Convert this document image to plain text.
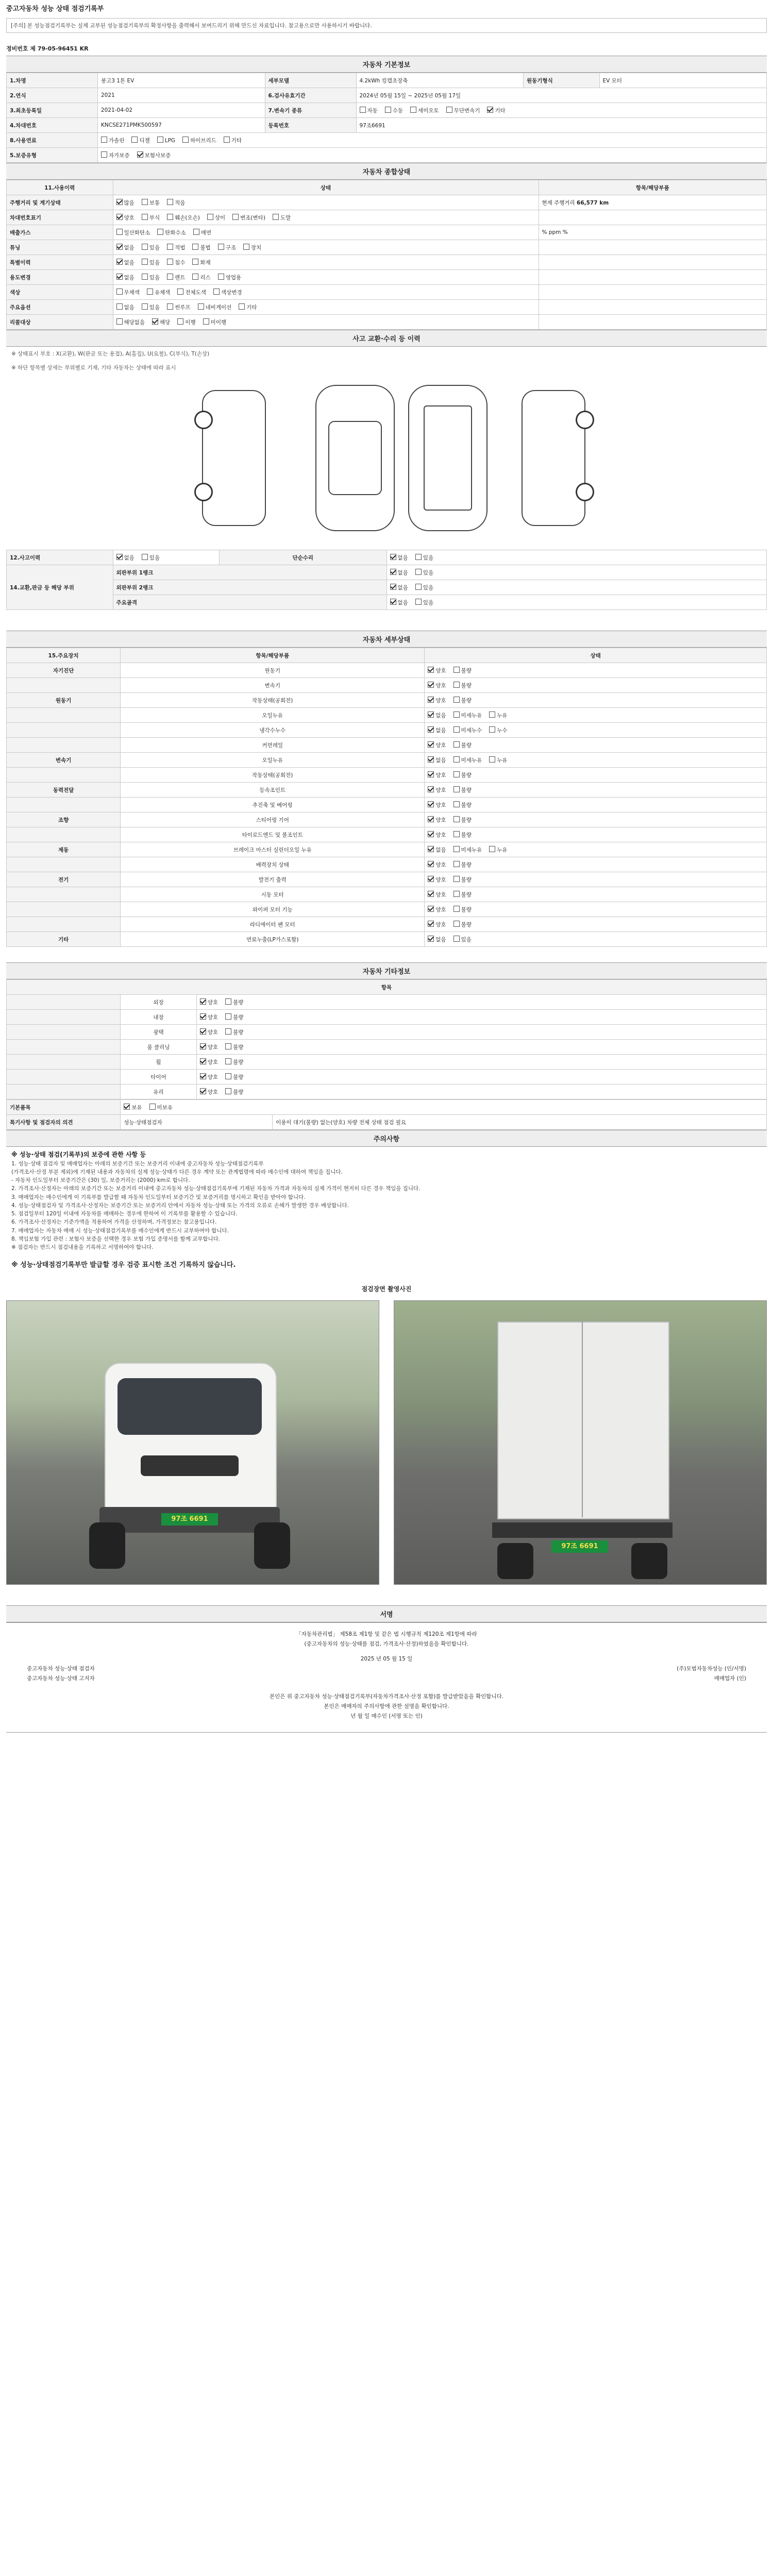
중고자동차 성능 상태 점검기록부
[주의] 본 성능점검기록부는 실제 교부된 성능점검기록부의 확정사항을 출력해서 보여드리기 위해 만드신 자료입니다. 참고용으로만 사용하시기 바랍니다.
정비번호 제 79-05-96451 KR
자동차 기본정보
1.차명	봉고3 1톤 EV	세부모델	4.2kWh 킹캡초장축	원동기형식	EV 모터
2.연식	2021	6.검사유효기간	2024년 05월 15일 ~ 2025년 05월 17일		
3.최초등록일	2021-04-02	7.변속기 종류	자동 수동 세미오토 무단변속기 기타		
4.차대번호	KNCSE271PMK500597	등록번호	97조6691		
8.사용연료	가솔린 디젤 LPG 하이브리드 기타				
5.보증유형	자가보증 보험사보증				
자동차 종합상태
11.사용이력	상태	항목/해당부품
주행거리 및 계기상태	많음 보통 적음	현재 주행거리 66,577 km
차대번호표기	양호 부식 훼손(오손) 상이 변조(변타) 도말	
배출가스	일산화탄소 탄화수소 매연	% ppm %
튜닝	없음 있음 적법 불법 구조 장치	
특별이력	없음 있음 침수 화재	
용도변경	없음 있음 렌트 리스 영업용	
색상	무채색 유채색 전체도색 색상변경	
주요옵션	없음 있음 썬루프 네비게이션 기타	
리콜대상	해당없음 해당 이행 미이행	
사고 교환·수리 등 이력
※ 상태표시 부호 : X(교환), W(판금 또는 용접), A(흠집), U(요철), C(부식), T(손상)
※ 하단 항목별 상세는 부위별로 기재, 기타 자동차는 상태에 따라 표시
12.사고이력	없음 있음	단순수리	없음 있음
14.교환,판금 등 해당 부위	외판부위 1랭크		없음 있음
	외판부위 2랭크		없음 있음
	주요골격		없음 있음
자동차 세부상태
15.주요장치	항목/해당부품	상태
자기진단	원동기	양호 불량
	변속기	양호 불량
원동기	작동상태(공회전)	양호 불량
	오일누유	없음 미세누유 누유
	냉각수누수	없음 미세누수 누수
	커먼레일	양호 불량
변속기	오일누유	없음 미세누유 누유
	작동상태(공회전)	양호 불량
동력전달	등속조인트	양호 불량
	추진축 및 베어링	양호 불량
조향	스티어링 기어	양호 불량
	타이로드엔드 및 볼조인트	양호 불량
제동	브레이크 마스터 실린더오일 누유	없음 미세누유 누유
	배력장치 상태	양호 불량
전기	발전기 출력	양호 불량
	시동 모터	양호 불량
	와이퍼 모터 기능	양호 불량
	라디에이터 팬 모터	양호 불량
기타	연료누출(LP가스포함)	없음 있음
자동차 기타정보
항목		
	외장	양호 불량
	내장	양호 불량
	광택	양호 불량
	룸 클리닝	양호 불량
	휠	양호 불량
	타이어	양호 불량
	유리	양호 불량
기본품목	보유 미보유	
특기사항 및 점검자의 의견	성능·상태점검자	이용이 대기(불량) 없는(양호) 차량 전체 상태 점검 필요
주의사항
※ 성능·상태 점검(기록부)의 보증에 관한 사항 등
1. 성능·상태 점검자 및 매매업자는 아래의 보증기간 또는 보증거리 이내에 중고자동차 성능·상태점검기록부
(가격조사·산정 부분 제외)에 기재된 내용과 자동차의 실제 성능·상태가 다른 경우 계약 또는 관계법령에 따라 매수인에 대하여 책임을 집니다.
- 자동차 인도일부터 보증기간은 (30) 일, 보증거리는 (2000) km로 합니다.
2. 가격조사·산정자는 아래의 보증기간 또는 보증거리 이내에 중고자동차 성능·상태점검기록부에 기재된 자동차 가격과 자동차의 실제 가격이 현저히 다른 경우 책임을 집니다.
3. 매매업자는 매수인에게 이 기록부를 발급할 때 자동차 인도일부터 보증기간 및 보증거리를 명시하고 확인을 받아야 합니다.
4. 성능·상태점검자 및 가격조사·산정자는 보증기간 또는 보증거리 안에서 자동차 성능·상태 또는 가격의 오류로 손해가 발생한 경우 배상합니다.
5. 점검일부터 120일 이내에 자동차를 매매하는 경우에 한하여 이 기록부를 활용할 수 있습니다.
6. 가격조사·산정자는 기준가액을 적용하여 가격을 산정하며, 가격정보는 참고용입니다.
7. 매매업자는 자동차 매매 시 성능·상태점검기록부를 매수인에게 반드시 교부하여야 합니다.
8. 책임보험 가입 관련 : 보험사 보증을 선택한 경우 보험 가입 증명서를 함께 교부합니다.
※ 점검자는 반드시 점검내용을 기록하고 서명하여야 합니다.
※ 성능·상태점검기록부만 발급할 경우 검증 표시한 조건 기록하지 않습니다.
점검장면 촬영사진
97조 6691
97조 6691
서명

「자동차관리법」 제58조 제1항 및 같은 법 시행규칙 제120조 제1항에 따라

(중고자동차의 성능·상태를 점검, 가격조사·산정)하였음을 확인합니다.

2025 년 05 월 15 일

중고자동차 성능·상태 점검자	(주)모범자동차성능 (인/서명)
중고자동차 성능·상태 고지자	매매업자 (인)

본인은 위 중고자동차 성능·상태점검기록부(자동차가격조사·산정 포함)를 발급받았음을 확인합니다.

본인은 매매자의 주의사항에 관한 설명을 확인합니다.

년 월 일 매수인 (서명 또는 인)
